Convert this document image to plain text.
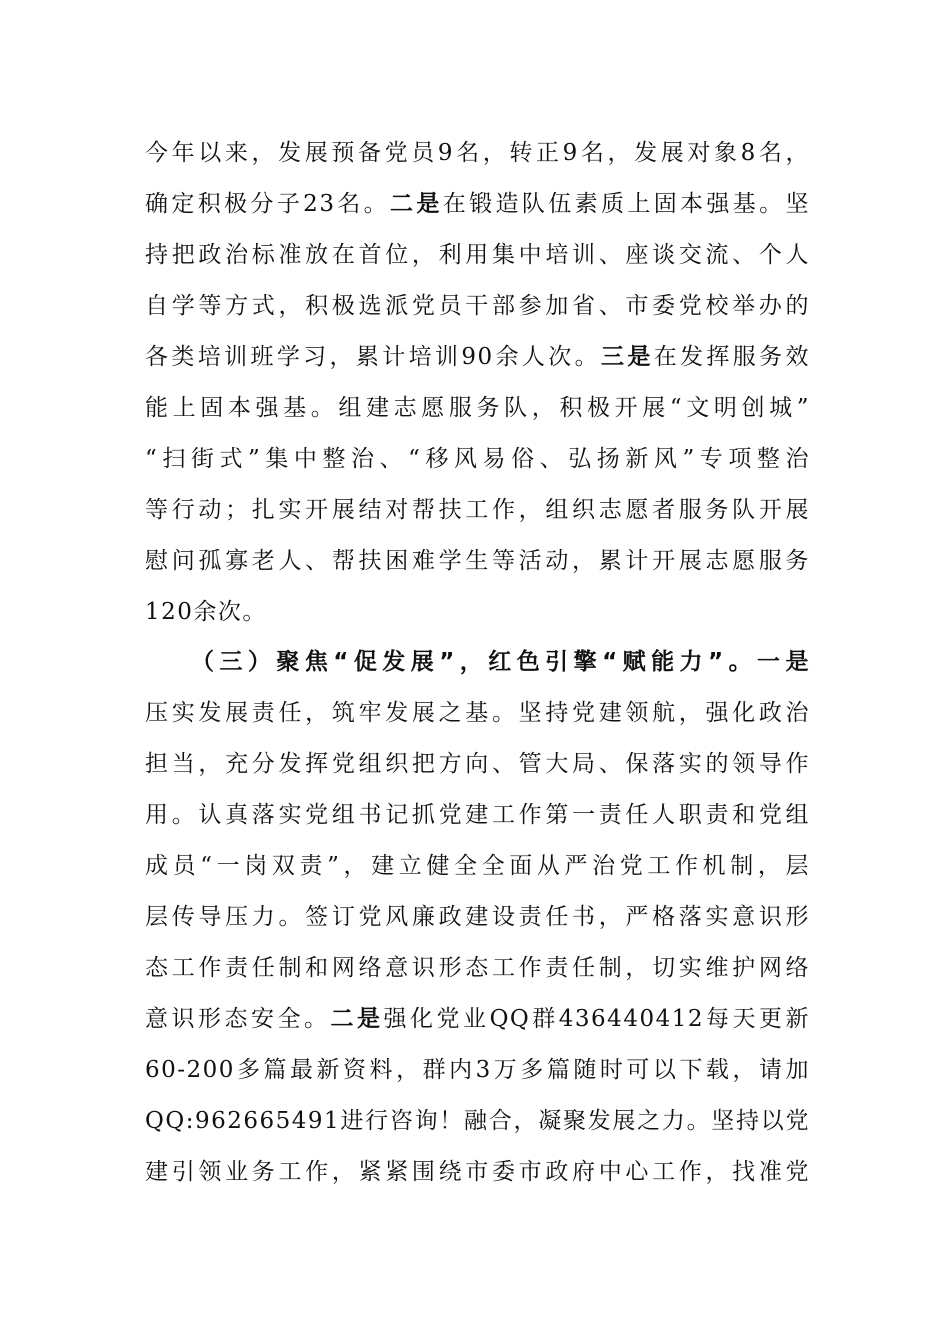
今年以来，发展预备党员9名，转正9名，发展对象8名，
确定积极分子23名。二是在锻造队伍素质上固本强基。坚
持把政治标准放在首位，利用集中培训、座谈交流、个人
自学等方式，积极选派党员干部参加省、市委党校举办的
各类培训班学习，累计培训90余人次。三是在发挥服务效
能上固本强基。组建志愿服务队，积极开展“文明创城”
“扫街式”集中整治、“移风易俗、弘扬新风”专项整治
等行动；扎实开展结对帮扶工作，组织志愿者服务队开展
慰问孤寡老人、帮扶困难学生等活动，累计开展志愿服务
120余次。
（三）聚焦“促发展”，红色引擎“赋能力”。一是
压实发展责任，筑牢发展之基。坚持党建领航，强化政治
担当，充分发挥党组织把方向、管大局、保落实的领导作
用。认真落实党组书记抓党建工作第一责任人职责和党组
成员“一岗双责”，建立健全全面从严治党工作机制，层
层传导压力。签订党风廉政建设责任书，严格落实意识形
态工作责任制和网络意识形态工作责任制，切实维护网络
意识形态安全。二是强化党业QQ群436440412每天更新
60-200多篇最新资料，群内3万多篇随时可以下载，请加
QQ:962665491进行咨询！融合，凝聚发展之力。坚持以党
建引领业务工作，紧紧围绕市委市政府中心工作，找准党
